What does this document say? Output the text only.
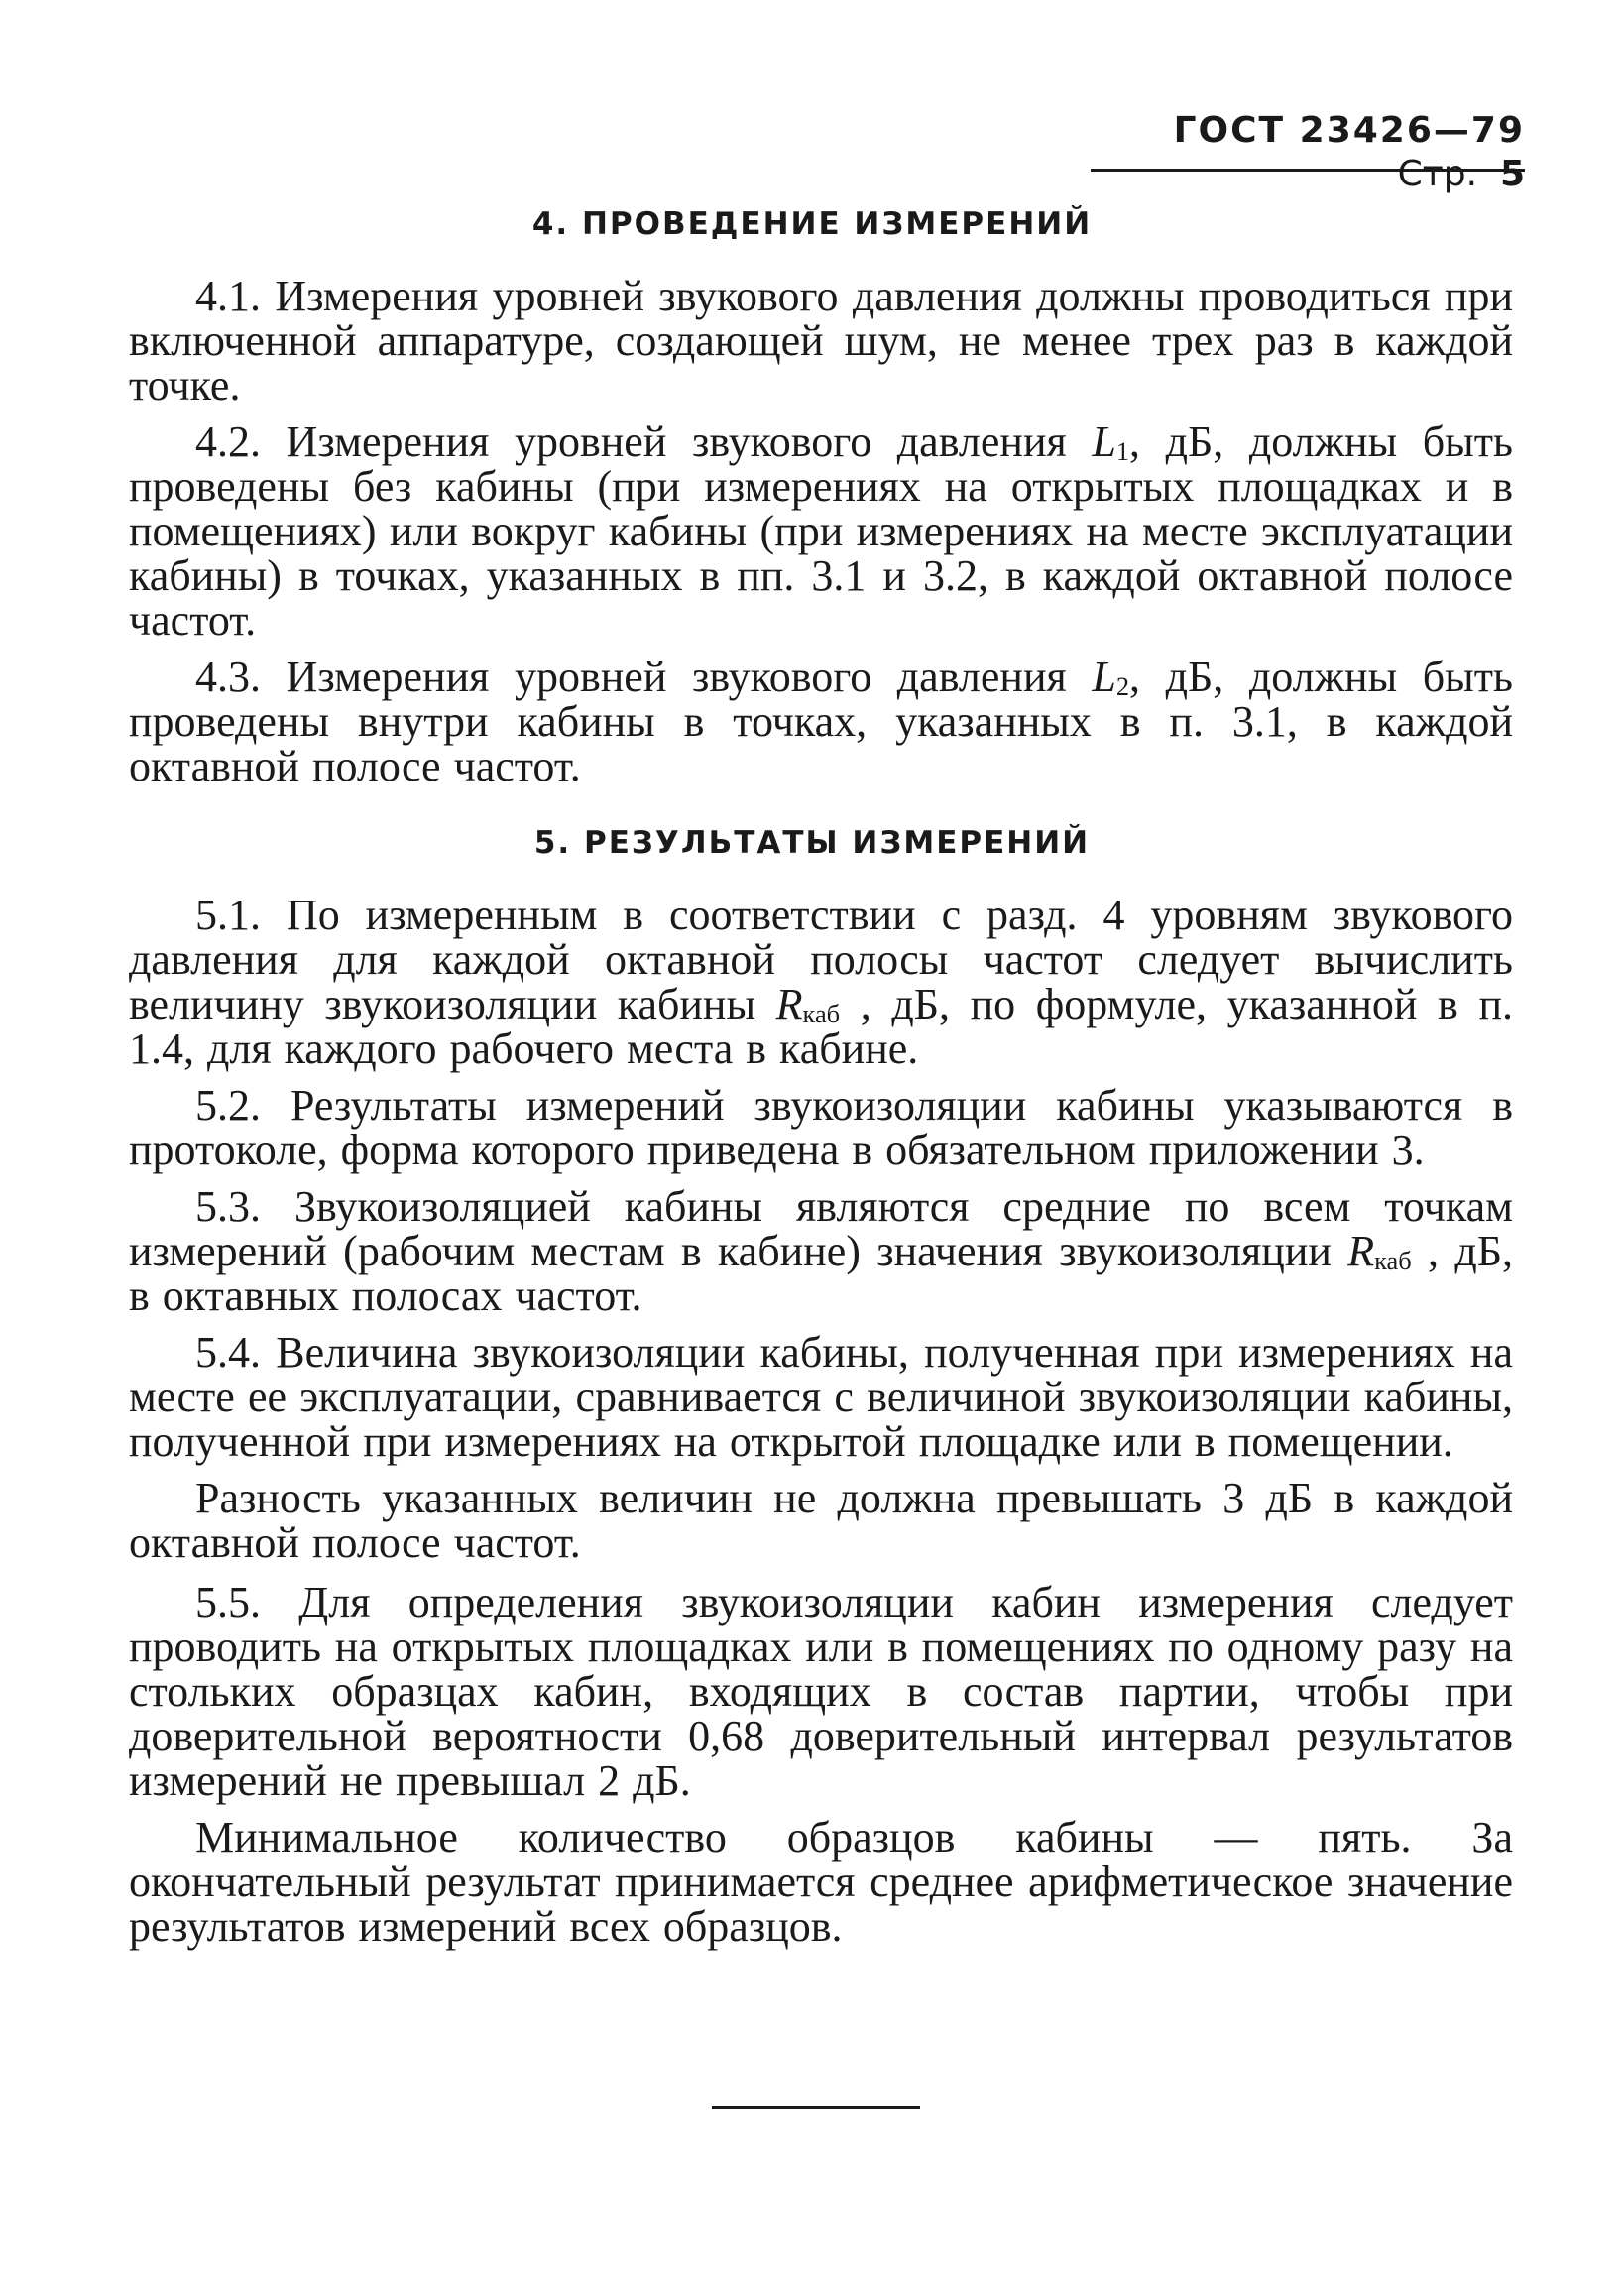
ГОСТ 23426—79  Стр. 5
4. ПРОВЕДЕНИЕ ИЗМЕРЕНИЙ

4.1. Измерения уровней звукового давления должны проводиться при включенной аппаратуре, создающей шум, не менее трех раз в каждой точке.

4.2. Измерения уровней звукового давления $L_1$, дБ, должны быть проведены без кабины (при измерениях на открытых площадках и в помещениях) или вокруг кабины (при измерениях на месте эксплуатации кабины) в точках, указанных в пп. 3.1 и 3.2, в каждой октавной полосе частот.

4.3. Измерения уровней звукового давления $L_2$, дБ, должны быть проведены внутри кабины в точках, указанных в п. 3.1, в каждой октавной полосе частот.

5. РЕЗУЛЬТАТЫ ИЗМЕРЕНИЙ

5.1. По измеренным в соответствии с разд. 4 уровням звукового давления для каждой октавной полосы частот следует вычислить величину звукоизоляции кабины $R_{каб}$ , дБ, по формуле, указанной в п. 1.4, для каждого рабочего места в кабине.

5.2. Результаты измерений звукоизоляции кабины указываются в протоколе, форма которого приведена в обязательном приложении 3.

5.3. Звукоизоляцией кабины являются средние по всем точкам измерений (рабочим местам в кабине) значения звукоизоляции $R_{каб}$ , дБ, в октавных полосах частот.

5.4. Величина звукоизоляции кабины, полученная при измерениях на месте ее эксплуатации, сравнивается с величиной звукоизоляции кабины, полученной при измерениях на открытой площадке или в помещении.

Разность указанных величин не должна превышать 3 дБ в каждой октавной полосе частот.

5.5. Для определения звукоизоляции кабин измерения следует проводить на открытых площадках или в помещениях по одному разу на стольких образцах кабин, входящих в состав партии, чтобы при доверительной вероятности 0,68 доверительный интервал результатов измерений не превышал 2 дБ.

Минимальное количество образцов кабины — пять. За окончательный результат принимается среднее арифметическое значение результатов измерений всех образцов.
